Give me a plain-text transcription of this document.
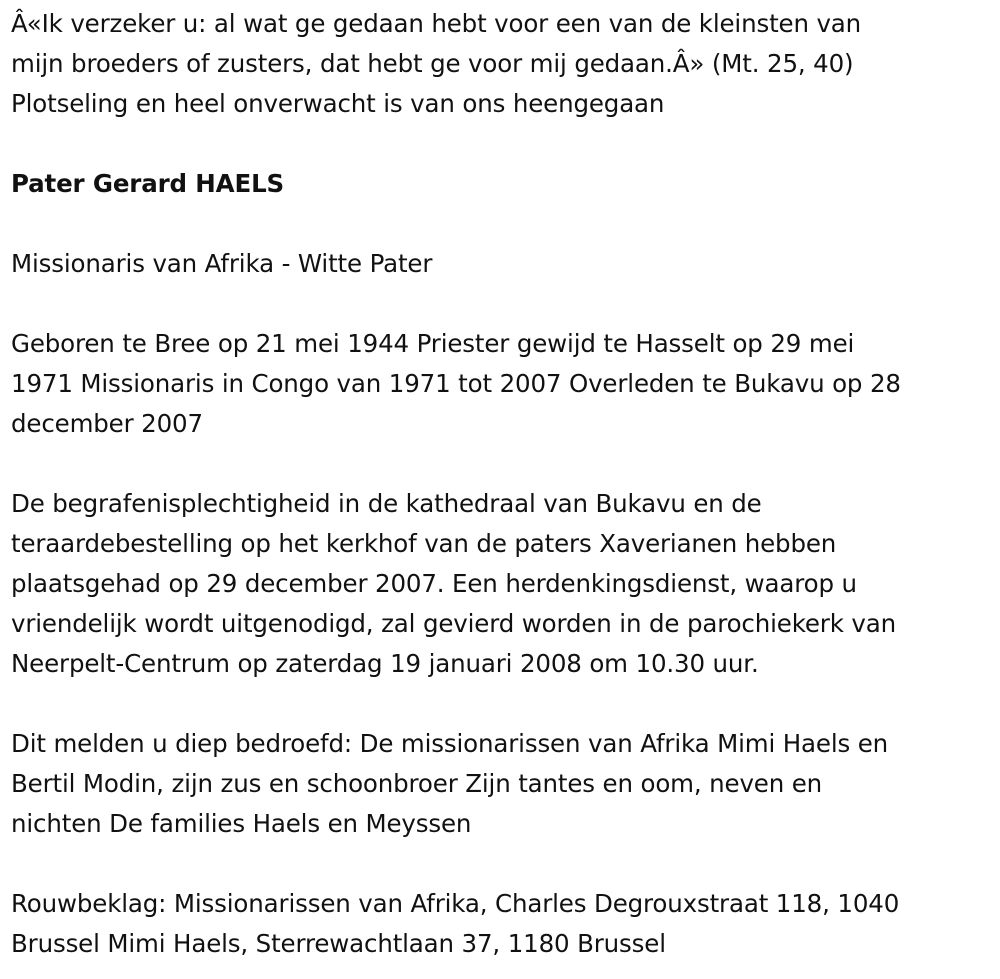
Â«Ik verzeker u: al wat ge gedaan hebt voor een van de kleinsten van

mijn broeders of zusters, dat hebt ge voor mij gedaan.Â» (Mt. 25, 40)

Plotseling en heel onverwacht is van ons heengegaan

Pater Gerard HAELS

Missionaris van Afrika - Witte Pater

Geboren te Bree op 21 mei 1944 Priester gewijd te Hasselt op 29 mei

1971 Missionaris in Congo van 1971 tot 2007 Overleden te Bukavu op 28

december 2007

De begrafenisplechtigheid in de kathedraal van Bukavu en de

teraardebestelling op het kerkhof van de paters Xaverianen hebben

plaatsgehad op 29 december 2007. Een herdenkingsdienst, waarop u

vriendelijk wordt uitgenodigd, zal gevierd worden in de parochiekerk van

Neerpelt-Centrum op zaterdag 19 januari 2008 om 10.30 uur.

Dit melden u diep bedroefd: De missionarissen van Afrika Mimi Haels en

Bertil Modin, zijn zus en schoonbroer Zijn tantes en oom, neven en

nichten De families Haels en Meyssen

Rouwbeklag: Missionarissen van Afrika, Charles Degrouxstraat 118, 1040

Brussel Mimi Haels, Sterrewachtlaan 37, 1180 Brussel
